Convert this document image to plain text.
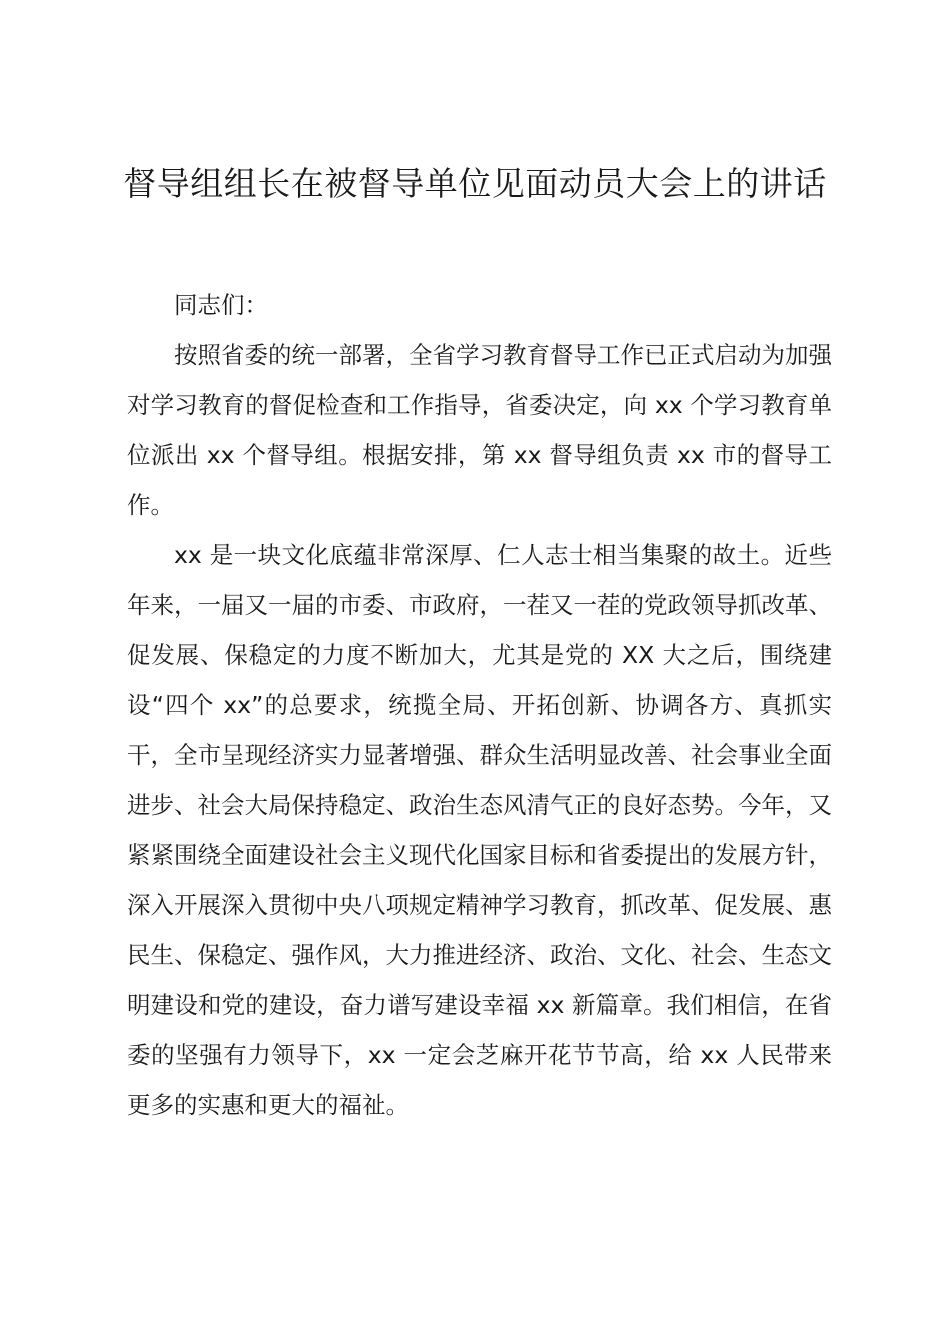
督导组组长在被督导单位见面动员大会上的讲话

同志们：

按照省委的统一部署，全省学习教育督导工作已正式启动为加强对学习教育的督促检查和工作指导，省委决定，向 xx 个学习教育单位派出 xx 个督导组。根据安排，第 xx 督导组负责 xx 市的督导工作。

xx 是一块文化底蕴非常深厚、仁人志士相当集聚的故土。近些年来，一届又一届的市委、市政府，一茬又一茬的党政领导抓改革、促发展、保稳定的力度不断加大，尤其是党的 XX 大之后，围绕建设“四个 xx”的总要求，统揽全局、开拓创新、协调各方、真抓实干，全市呈现经济实力显著增强、群众生活明显改善、社会事业全面进步、社会大局保持稳定、政治生态风清气正的良好态势。今年，又紧紧围绕全面建设社会主义现代化国家目标和省委提出的发展方针，深入开展深入贯彻中央八项规定精神学习教育，抓改革、促发展、惠民生、保稳定、强作风，大力推进经济、政治、文化、社会、生态文明建设和党的建设，奋力谱写建设幸福 xx 新篇章。我们相信，在省委的坚强有力领导下，xx 一定会芝麻开花节节高，给 xx 人民带来更多的实惠和更大的福祉。
